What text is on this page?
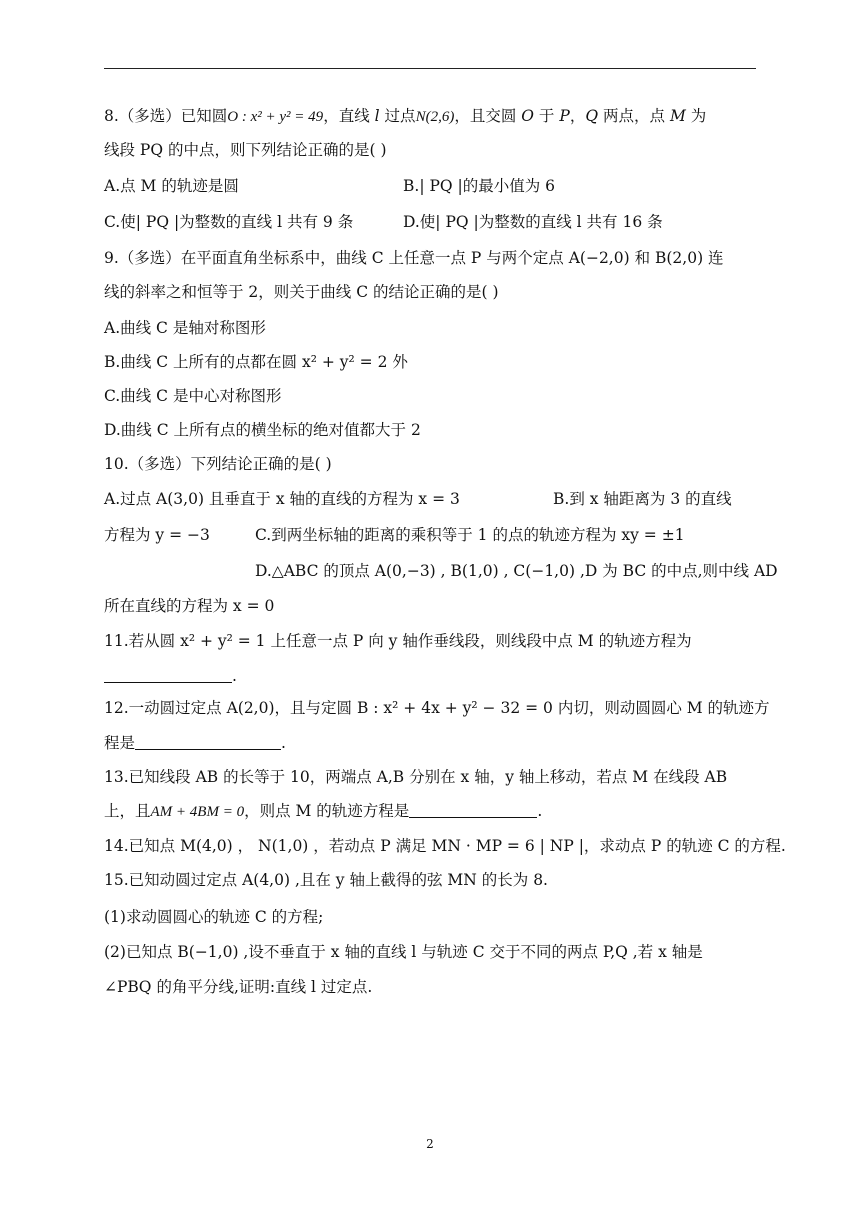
8.（多选）已知圆O : x² + y² = 49，直线 l 过点N(2,6)，且交圆 O 于 P，Q 两点，点 M 为
线段 PQ 的中点，则下列结论正确的是( )
A.点 M 的轨迹是圆	B.| PQ |的最小值为 6
C.使| PQ |为整数的直线 l 共有 9 条	D.使| PQ |为整数的直线 l 共有 16 条
9.（多选）在平面直角坐标系中，曲线 C 上任意一点 P 与两个定点 A(−2,0) 和 B(2,0) 连
线的斜率之和恒等于 2，则关于曲线 C 的结论正确的是( )
A.曲线 C 是轴对称图形
B.曲线 C 上所有的点都在圆 x² + y² = 2 外
C.曲线 C 是中心对称图形
D.曲线 C 上所有点的横坐标的绝对值都大于 2
10.（多选）下列结论正确的是( )
A.过点 A(3,0) 且垂直于 x 轴的直线的方程为 x = 3	B.到 x 轴距离为 3 的直线
方程为 y = −3	C.到两坐标轴的距离的乘积等于 1 的点的轨迹方程为 xy = ±1
D.△ABC 的顶点 A(0,−3) , B(1,0) , C(−1,0) ,D 为 BC 的中点,则中线 AD
所在直线的方程为 x = 0
11.若从圆 x² + y² = 1 上任意一点 P 向 y 轴作垂线段，则线段中点 M 的轨迹方程为
.
12.一动圆过定点 A(2,0)，且与定圆 B : x² + 4x + y² − 32 = 0 内切，则动圆圆心 M 的轨迹方
程是	.
13.已知线段 AB 的长等于 10，两端点 A,B 分别在 x 轴，y 轴上移动，若点 M 在线段 AB
上，且AM + 4BM = 0，则点 M 的轨迹方程是	.
14.已知点 M(4,0) ， N(1,0) ，若动点 P 满足 MN · MP = 6 | NP |，求动点 P 的轨迹 C 的方程.
15.已知动圆过定点 A(4,0) ,且在 y 轴上截得的弦 MN 的长为 8.
(1)求动圆圆心的轨迹 C 的方程;
(2)已知点 B(−1,0) ,设不垂直于 x 轴的直线 l 与轨迹 C 交于不同的两点 P,Q ,若 x 轴是
∠PBQ 的角平分线,证明:直线 l 过定点.
2
